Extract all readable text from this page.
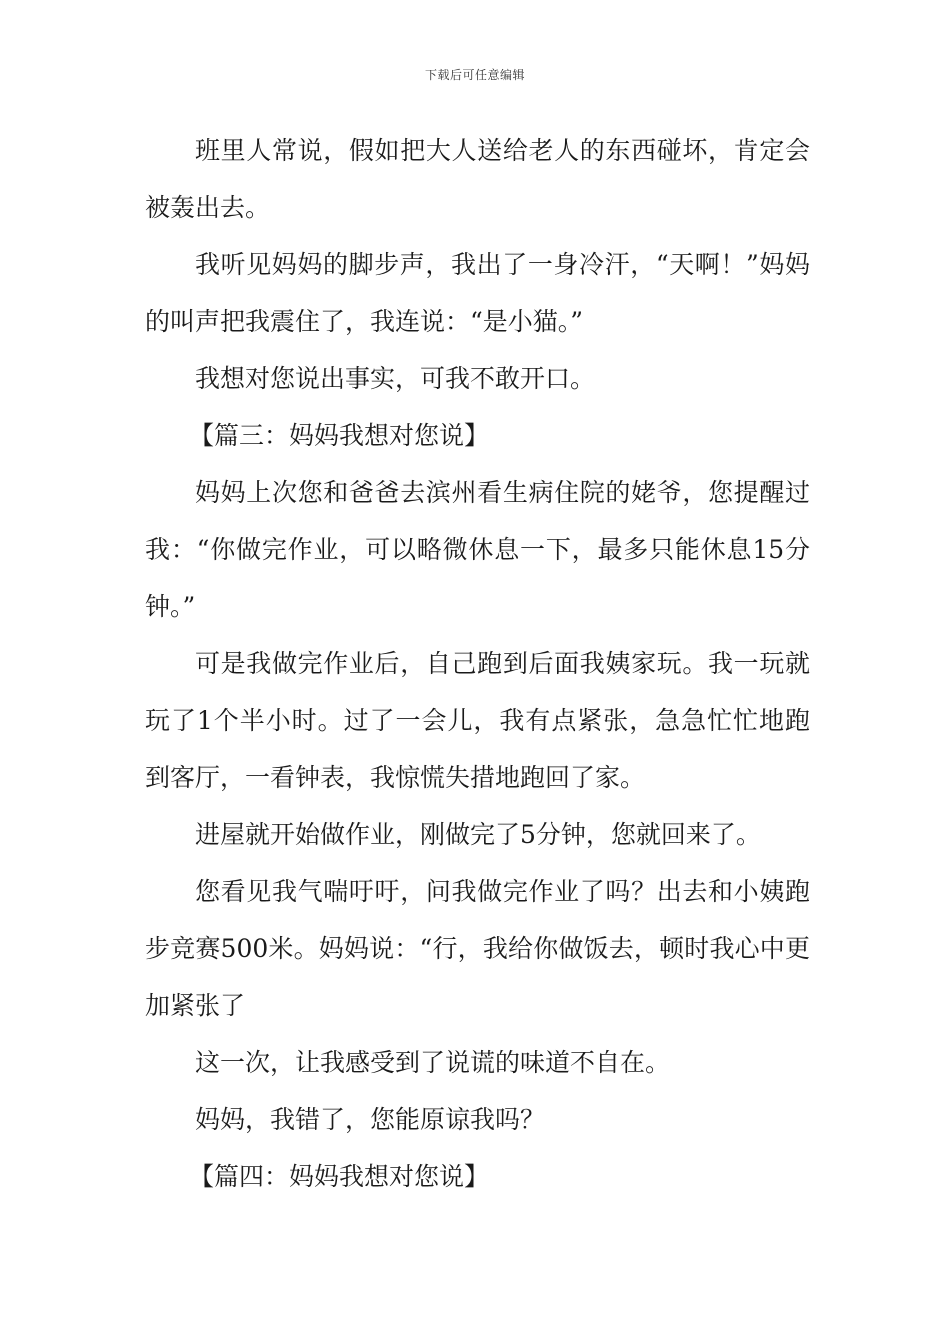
下载后可任意编辑

班里人常说，假如把大人送给老人的东西碰坏，肯定会被轰出去。

我听见妈妈的脚步声，我出了一身冷汗，“天啊！”妈妈的叫声把我震住了，我连说：“是小猫。”

我想对您说出事实，可我不敢开口。

【篇三：妈妈我想对您说】

妈妈上次您和爸爸去滨州看生病住院的姥爷，您提醒过我：“你做完作业，可以略微休息一下，最多只能休息15分钟。”

可是我做完作业后，自己跑到后面我姨家玩。我一玩就玩了1个半小时。过了一会儿，我有点紧张，急急忙忙地跑到客厅，一看钟表，我惊慌失措地跑回了家。

进屋就开始做作业，刚做完了5分钟，您就回来了。

您看见我气喘吁吁，问我做完作业了吗？出去和小姨跑步竞赛500米。妈妈说：“行，我给你做饭去，顿时我心中更加紧张了

这一次，让我感受到了说谎的味道不自在。

妈妈，我错了，您能原谅我吗？

【篇四：妈妈我想对您说】
